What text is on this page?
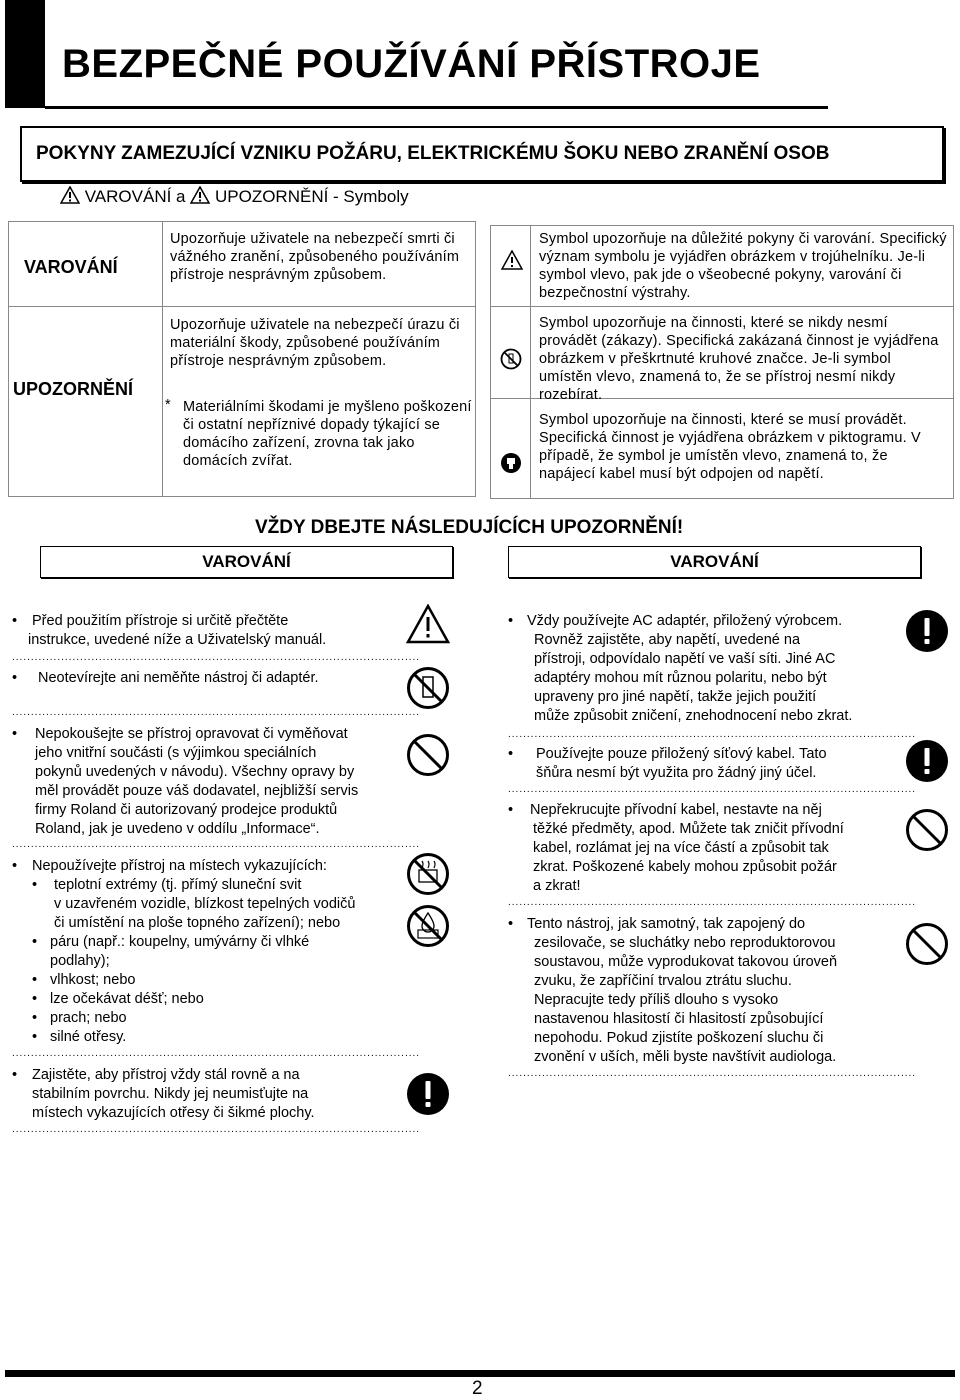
BEZPEČNÉ POUŽÍVÁNÍ PŘÍSTROJE
POKYNY ZAMEZUJÍCÍ VZNIKU POŽÁRU, ELEKTRICKÉMU ŠOKU NEBO ZRANĚNÍ OSOB
VAROVÁNÍ a UPOZORNĚNÍ - Symboly
VAROVÁNÍ
Upozorňuje uživatele na nebezpečí smrti či vážného zranění, způsobeného používáním přístroje nesprávným způsobem.
UPOZORNĚNÍ
Upozorňuje uživatele na nebezpečí úrazu či materiální škody, způsobené používáním přístroje nesprávným způsobem.
* Materiálními škodami je myšleno poškození či ostatní nepříznivé dopady týkající se domácího zařízení, zrovna tak jako domácích zvířat.
Symbol upozorňuje na důležité pokyny či varování. Specifický význam symbolu je vyjádřen obrázkem v trojúhelníku. Je-li symbol vlevo, pak jde o všeobecné pokyny, varování či bezpečnostní výstrahy.
Symbol upozorňuje na činnosti, které se nikdy nesmí provádět (zákazy). Specifická zakázaná činnost je vyjádřena obrázkem v přeškrtnuté kruhové značce. Je-li symbol umístěn vlevo, znamená to, že se přístroj nesmí nikdy rozebírat.
Symbol upozorňuje na činnosti, které se musí provádět. Specifická činnost je vyjádřena obrázkem v piktogramu. V případě, že symbol je umístěn vlevo, znamená to, že napájecí kabel musí být odpojen od napětí.
VŽDY DBEJTE NÁSLEDUJÍCÍCH UPOZORNĚNÍ!
VAROVÁNÍ	VAROVÁNÍ
• Před použitím přístroje si určitě přečtěte
instrukce, uvedené níže a Uživatelský manuál.
............................................................................................................
•	Neotevírejte ani neměňte nástroj či adaptér.
............................................................................................................
• Nepokoušejte se přístroj opravovat či vyměňovat
jeho vnitřní součásti (s výjimkou speciálních
pokynů uvedených v návodu). Všechny opravy by
měl provádět pouze váš dodavatel, nejbližší servis
firmy Roland či autorizovaný prodejce produktů
Roland, jak je uvedeno v oddílu „Informace“.
............................................................................................................
•	Nepoužívejte přístroj na místech vykazujících:
• teplotní extrémy (tj. přímý sluneční svit
v uzavřeném vozidle, blízkost tepelných vodičů
či umístění na ploše topného zařízení); nebo
• páru (např.: koupelny, umývárny či vlhké
podlahy);
• vlhkost; nebo
• lze očekávat déšť; nebo
• prach; nebo
• silné otřesy.
............................................................................................................
• Zajistěte, aby přístroj vždy stál rovně a na
stabilním povrchu. Nikdy jej neumisťujte na
místech vykazujících otřesy či šikmé plochy.
............................................................................................................
• Vždy používejte AC adaptér, přiložený výrobcem.
Rovněž zajistěte, aby napětí, uvedené na
přístroji, odpovídalo napětí ve vaší síti. Jiné AC
adaptéry mohou mít různou polaritu, nebo být
upraveny pro jiné napětí, takže jejich použití
může způsobit zničení, znehodnocení nebo zkrat.
............................................................................................................
• Používejte pouze přiložený síťový kabel. Tato
šňůra nesmí být využita pro žádný jiný účel.
............................................................................................................
• Nepřekrucujte přívodní kabel, nestavte na něj
těžké předměty, apod. Můžete tak zničit přívodní
kabel, rozlámat jej na více částí a způsobit tak
zkrat. Poškozené kabely mohou způsobit požár
a zkrat!
............................................................................................................
• Tento nástroj, jak samotný, tak zapojený do
zesilovače, se sluchátky nebo reproduktorovou
soustavou, může vyprodukovat takovou úroveň
zvuku, že zapříčiní trvalou ztrátu sluchu.
Nepracujte tedy příliš dlouho s vysoko
nastavenou hlasitostí či hlasitostí způsobující
nepohodu. Pokud zjistíte poškození sluchu či
zvonění v uších, měli byste navštívit audiologa.
............................................................................................................
2
